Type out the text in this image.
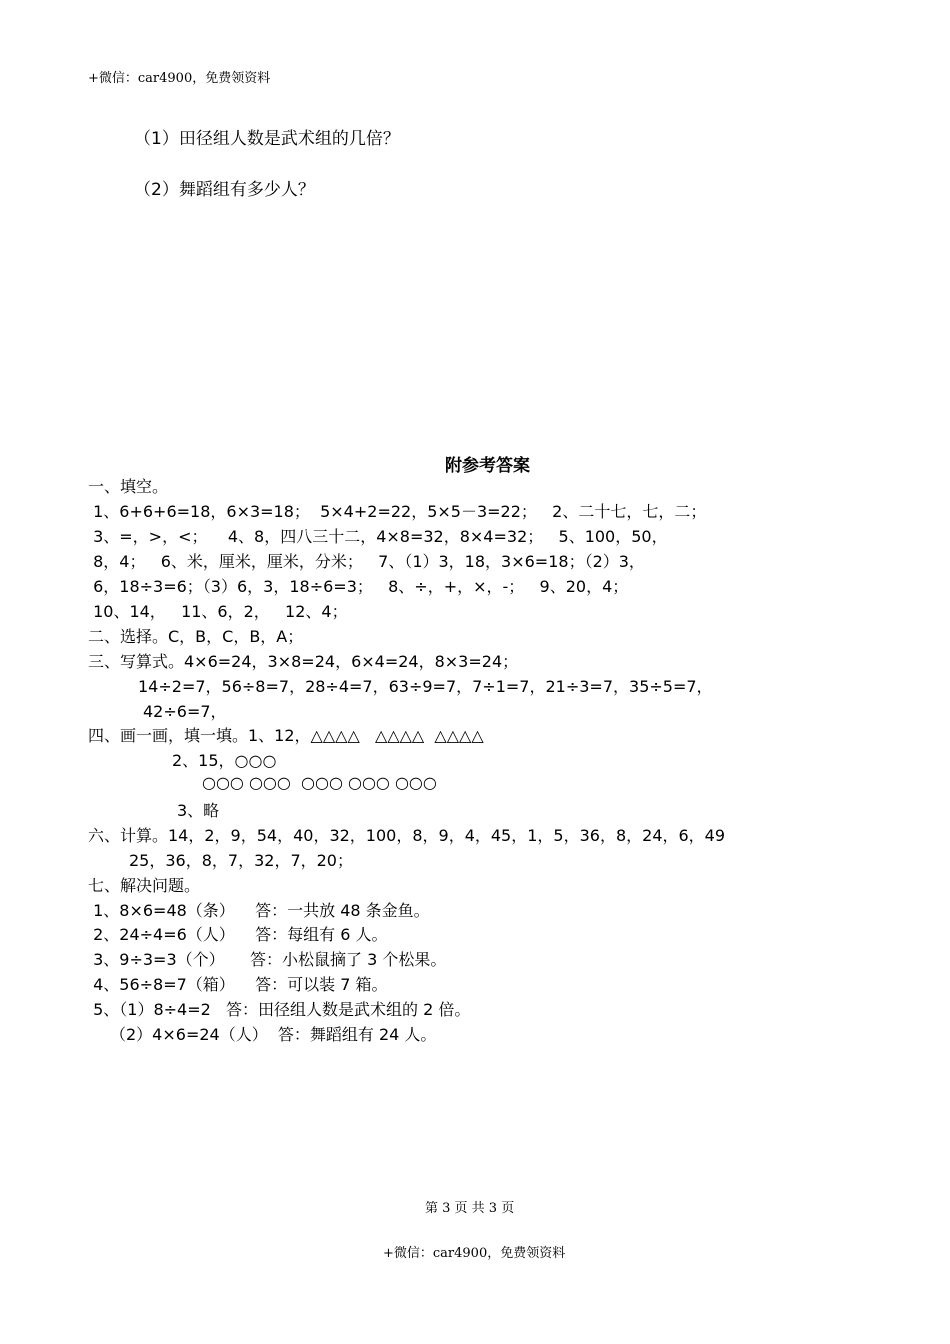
+微信：car4900，免费领资料
（1）田径组人数是武术组的几倍？
（2）舞蹈组有多少人？
附参考答案
一、填空。
1、6+6+6=18，6×3=18；  5×4+2=22，5×5－3=22；   2、二十七，七，二；
3、=，>，<；    4、8，四八三十二，4×8=32，8×4=32；   5、100，50，
8，4；   6、米，厘米，厘米，分米；   7、（1）3，18，3×6=18；（2）3，
6，18÷3=6；（3）6，3，18÷6=3；   8、÷，+，×，-；   9、20，4；
10、14，   11、6，2，   12、4；
二、选择。C，B，C，B，A；
三、写算式。4×6=24，3×8=24，6×4=24，8×3=24；
14÷2=7，56÷8=7，28÷4=7，63÷9=7，7÷1=7，21÷3=7，35÷5=7，
42÷6=7，
四、画一画，填一填。1、12，△△△△   △△△△  △△△△
2、15，○○○
○○○ ○○○  ○○○ ○○○ ○○○
3、略
六、计算。14，2，9，54，40，32，100，8，9，4，45，1，5，36，8，24，6，49
25，36，8，7，32，7，20；
七、解决问题。
1、8×6=48（条）    答：一共放 48 条金鱼。
2、24÷4=6（人）    答：每组有 6 人。
3、9÷3=3（个）     答：小松鼠摘了 3 个松果。
4、56÷8=7（箱）    答：可以装 7 箱。
5、（1）8÷4=2   答：田径组人数是武术组的 2 倍。
（2）4×6=24（人）  答：舞蹈组有 24 人。
第 3 页 共 3 页
+微信：car4900，免费领资料
